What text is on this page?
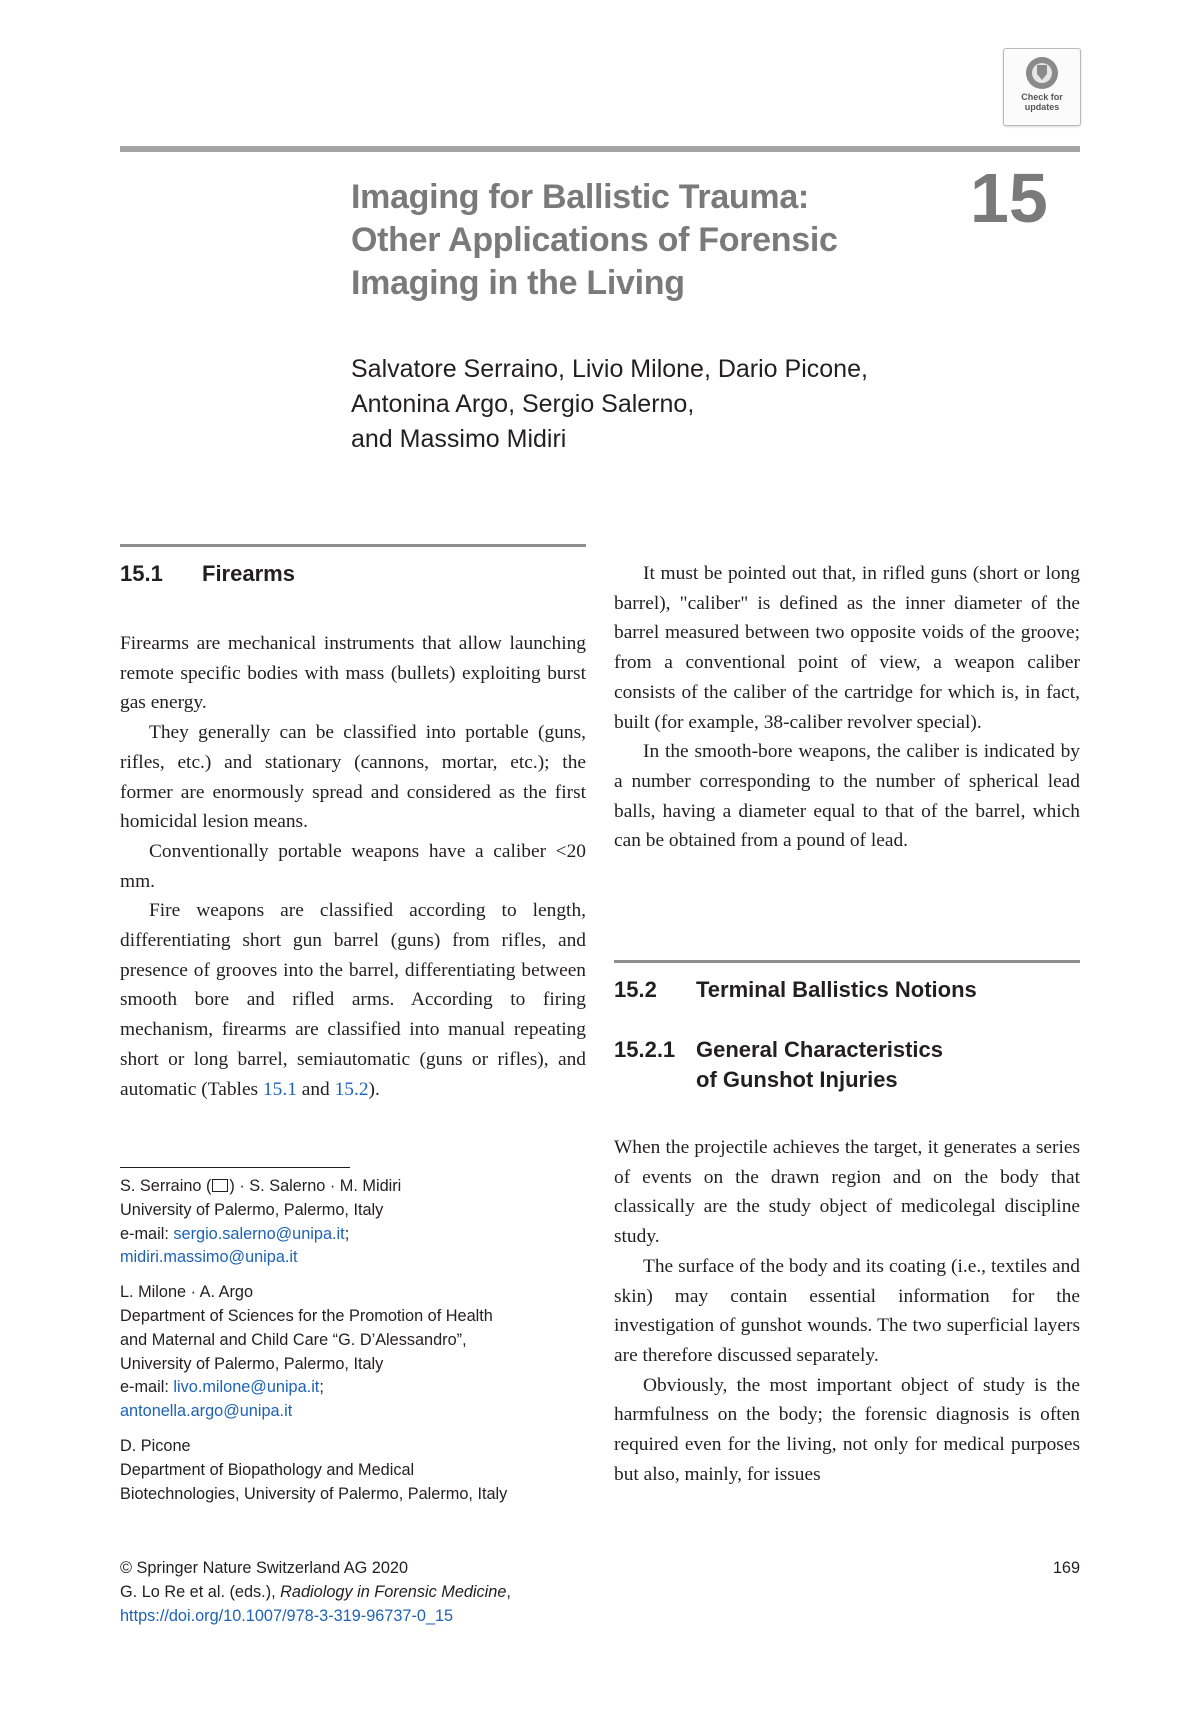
Check for
updates
Imaging for Ballistic Trauma:
Other Applications of Forensic
Imaging in the Living
15
Salvatore Serraino, Livio Milone, Dario Picone,
Antonina Argo, Sergio Salerno,
and Massimo Midiri
15.1 Firearms

Firearms are mechanical instruments that allow launching remote specific bodies with mass (bullets) exploiting burst gas energy.

They generally can be classified into portable (guns, rifles, etc.) and stationary (cannons, mortar, etc.); the former are enormously spread and considered as the first homicidal lesion means.

Conventionally portable weapons have a caliber <20 mm.

Fire weapons are classified according to length, differentiating short gun barrel (guns) from rifles, and presence of grooves into the barrel, differentiating between smooth bore and rifled arms. According to firing mechanism, firearms are classified into manual repeating short or long barrel, semiautomatic (guns or rifles), and automatic (Tables 15.1 and 15.2).

S. Serraino ( ) · S. Salerno · M. Midiri
University of Palermo, Palermo, Italy
e-mail: sergio.salerno@unipa.it;
midiri.massimo@unipa.it
L. Milone · A. Argo
Department of Sciences for the Promotion of Health
and Maternal and Child Care “G. D’Alessandro”,
University of Palermo, Palermo, Italy
e-mail: livo.milone@unipa.it;
antonella.argo@unipa.it
D. Picone
Department of Biopathology and Medical
Biotechnologies, University of Palermo, Palermo, Italy

It must be pointed out that, in rifled guns (short or long barrel), "caliber" is defined as the inner diameter of the barrel measured between two opposite voids of the groove; from a conventional point of view, a weapon caliber consists of the caliber of the cartridge for which is, in fact, built (for example, 38-caliber revolver special).

In the smooth-bore weapons, the caliber is indicated by a number corresponding to the number of spherical lead balls, having a diameter equal to that of the barrel, which can be obtained from a pound of lead.

15.2 Terminal Ballistics Notions
15.2.1 General Characteristics
of Gunshot Injuries

When the projectile achieves the target, it generates a series of events on the drawn region and on the body that classically are the study object of medicolegal discipline study.

The surface of the body and its coating (i.e., textiles and skin) may contain essential information for the investigation of gunshot wounds. The two superficial layers are therefore discussed separately.

Obviously, the most important object of study is the harmfulness on the body; the forensic diagnosis is often required even for the living, not only for medical purposes but also, mainly, for issues

© Springer Nature Switzerland AG 2020
G. Lo Re et al. (eds.), Radiology in Forensic Medicine,
https://doi.org/10.1007/978-3-319-96737-0_15
169
